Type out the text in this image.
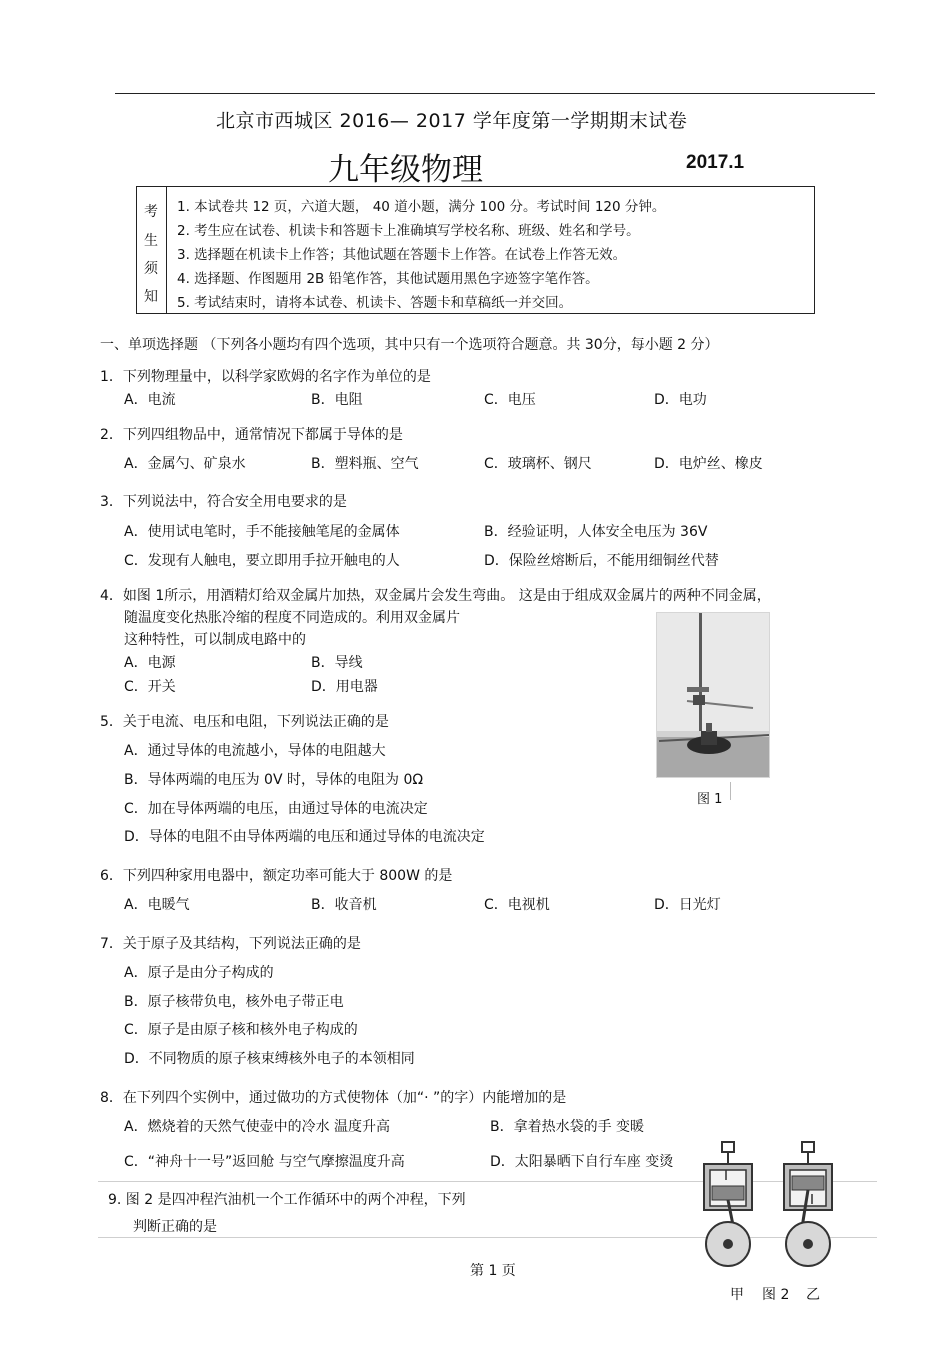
北京市西城区 2016— 2017 学年度第一学期期末试卷
九年级物理	2017.1
考
生
须
知
1. 本试卷共 12 页，六道大题， 40 道小题，满分 100 分。考试时间 120 分钟。
2. 考生应在试卷、机读卡和答题卡上准确填写学校名称、班级、姓名和学号。
3. 选择题在机读卡上作答；其他试题在答题卡上作答。在试卷上作答无效。
4. 选择题、作图题用 2B 铅笔作答，其他试题用黑色字迹签字笔作答。
5. 考试结束时，请将本试卷、机读卡、答题卡和草稿纸一并交回。
一、单项选择题 （下列各小题均有四个选项，其中只有一个选项符合题意。共 30分，每小题 2 分）
1．下列物理量中，以科学家欧姆的名字作为单位的是
A．电流	B．电阻	C．电压	D．电功
2．下列四组物品中，通常情况下都属于导体的是
A．金属勺、矿泉水	B．塑料瓶、空气	C．玻璃杯、钢尺	D．电炉丝、橡皮
3．下列说法中，符合安全用电要求的是
A．使用试电笔时，手不能接触笔尾的金属体	B．经验证明，人体安全电压为 36V
C．发现有人触电，要立即用手拉开触电的人	D．保险丝熔断后，不能用细铜丝代替
4．如图 1所示，用酒精灯给双金属片加热，双金属片会发生弯曲。 这是由于组成双金属片的两种不同金属，
随温度变化热胀冷缩的程度不同造成的。利用双金属片
这种特性，可以制成电路中的
A．电源	B．导线
C．开关	D．用电器
图 1
5．关于电流、电压和电阻，下列说法正确的是
A．通过导体的电流越小，导体的电阻越大
B．导体两端的电压为 0V 时，导体的电阻为 0Ω
C．加在导体两端的电压，由通过导体的电流决定
D．导体的电阻不由导体两端的电压和通过导体的电流决定
6．下列四种家用电器中，额定功率可能大于 800W 的是
A．电暖气	B．收音机	C．电视机	D．日光灯
7．关于原子及其结构，下列说法正确的是
A．原子是由分子构成的
B．原子核带负电，核外电子带正电
C．原子是由原子核和核外电子构成的
D．不同物质的原子核束缚核外电子的本领相同
8．在下列四个实例中，通过做功的方式使物体（加“· ”的字）内能增加的是
A．燃烧着的天然气使壶中的冷水 温度升高	B．拿着热水袋的手 变暖
C．“神舟十一号”返回舱 与空气摩擦温度升高	D．太阳暴晒下自行车座 变烫
9. 图 2 是四冲程汽油机一个工作循环中的两个冲程，下列
判断正确的是
甲 图 2 乙
第 1 页
